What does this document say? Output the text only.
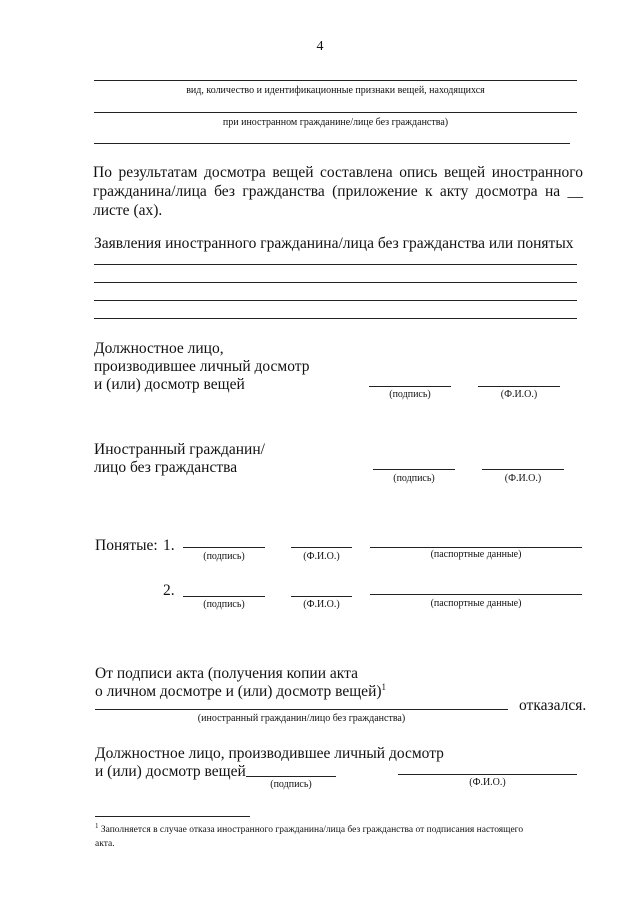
4
вид, количество и идентификационные признаки вещей, находящихся
при иностранном гражданине/лице без гражданства)
По результатам досмотра вещей составлена опись вещей иностранного гражданина/лица без гражданства (приложение к акту досмотра на __ листе (ах).
Заявления иностранного гражданина/лица без гражданства или понятых
Должностное лицо,
производившее личный досмотр
и (или) досмотр вещей
(подпись)	(Ф.И.О.)
Иностранный гражданин/
лицо без гражданства
(подпись)	(Ф.И.О.)
Понятые: 1.
(подпись)	(Ф.И.О.)	(паспортные данные)
2.
(подпись)	(Ф.И.О.)	(паспортные данные)
От подписи акта (получения копии акта
о личном досмотре и (или) досмотр вещей)$^1$
отказался.
(иностранный гражданин/лицо без гражданства)
Должностное лицо, производившее личный досмотр
и (или) досмотр вещей
(подпись)	(Ф.И.О.)
$^1$ Заполняется в случае отказа иностранного гражданина/лица без гражданства от подписания настоящего
акта.
